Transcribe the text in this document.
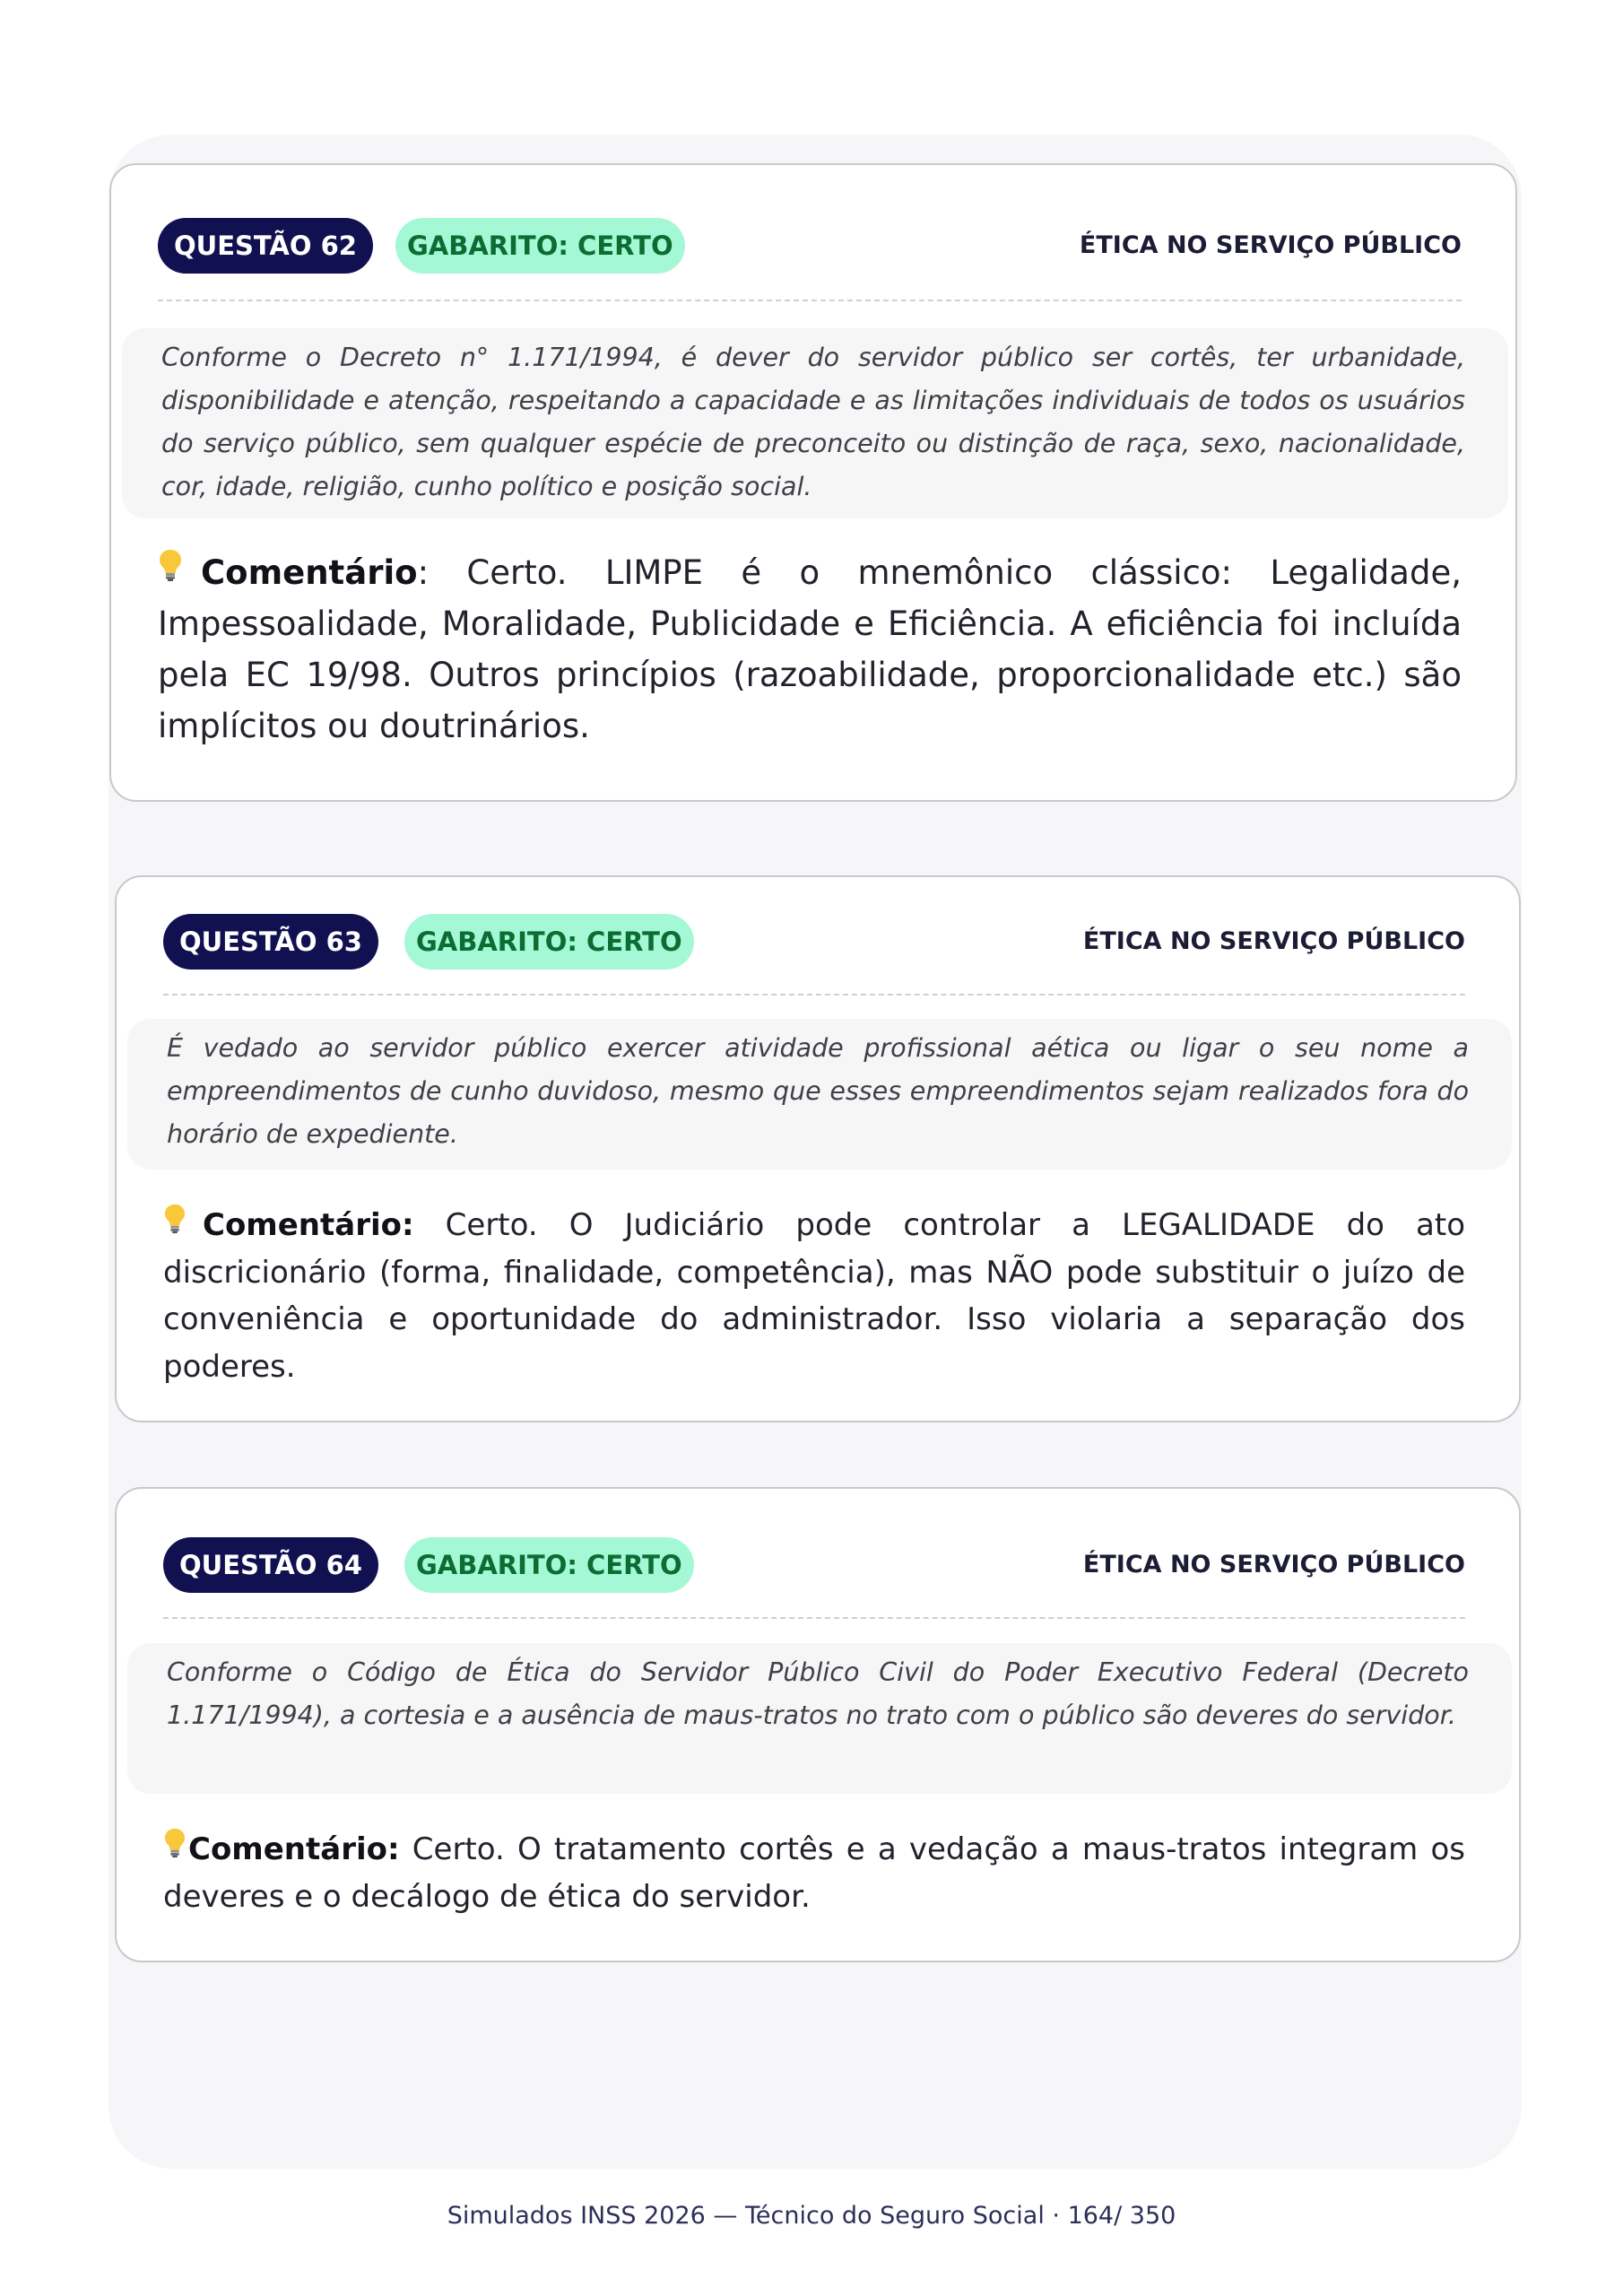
QUESTÃO 62	GABARITO: CERTO	ÉTICA NO SERVIÇO PÚBLICO

Conforme o Decreto n° 1.171/1994, é dever do servidor público ser cortês, ter urbanidade, disponibilidade e atenção, respeitando a capacidade e as limitações individuais de todos os usuários do serviço público, sem qualquer espécie de preconceito ou distinção de raça, sexo, nacionalidade, cor, idade, religião, cunho político e posição social.

Comentário: Certo. LIMPE é o mnemônico clássico: Legalidade, Impessoalidade, Moralidade, Publicidade e Eficiência. A eficiência foi incluída pela EC 19/98. Outros princípios (razoabilidade, proporcionalidade etc.) são implícitos ou doutrinários.

QUESTÃO 63	GABARITO: CERTO	ÉTICA NO SERVIÇO PÚBLICO

É vedado ao servidor público exercer atividade profissional aética ou ligar o seu nome a empreendimentos de cunho duvidoso, mesmo que esses empreendimentos sejam realizados fora do horário de expediente.

Comentário: Certo. O Judiciário pode controlar a LEGALIDADE do ato discricionário (forma, finalidade, competência), mas NÃO pode substituir o juízo de conveniência e oportunidade do administrador. Isso violaria a separação dos poderes.

QUESTÃO 64	GABARITO: CERTO	ÉTICA NO SERVIÇO PÚBLICO

Conforme o Código de Ética do Servidor Público Civil do Poder Executivo Federal (Decreto 1.171/1994), a cortesia e a ausência de maus-tratos no trato com o público são deveres do servidor.

Comentário: Certo. O tratamento cortês e a vedação a maus-tratos integram os deveres e o decálogo de ética do servidor.

Simulados INSS 2026 — Técnico do Seguro Social · 164/ 350
